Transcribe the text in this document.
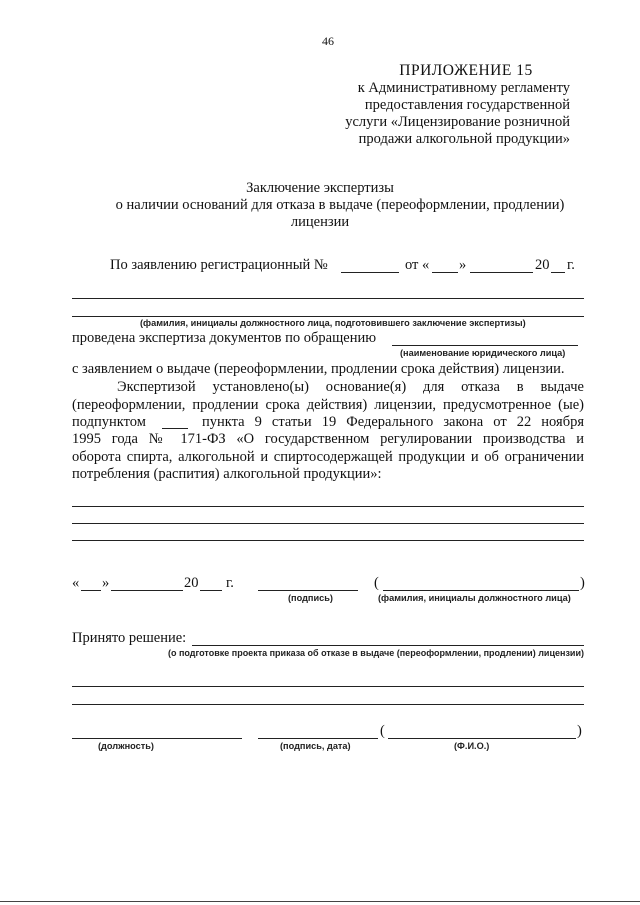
46
ПРИЛОЖЕНИЕ 15
к Административному регламенту
предоставления государственной
услуги «Лицензирование розничной
продажи алкогольной продукции»
Заключение экспертизы
о наличии оснований для отказа в выдаче (переоформлении, продлении)
лицензии
По заявлению регистрационный №	от « »	20 г.
(фамилия, инициалы должностного лица, подготовившего заключение экспертизы)
проведена экспертиза документов по обращению
(наименование юридического лица)
с заявлением о выдаче (переоформлении, продлении срока действия) лицензии.
Экспертизой установлено(ы) основание(я) для отказа в выдаче
(переоформлении, продлении срока действия) лицензии, предусмотренное (ые)
подпунктом	пункта 9 статьи 19 Федерального закона от 22 ноября
1995 года № 171-ФЗ «О государственном регулировании производства и
оборота спирта, алкогольной и спиртосодержащей продукции и об ограничении
потребления (распития) алкогольной продукции»:
« »	20 г.	(	)
(подпись)	(фамилия, инициалы должностного лица)
Принято решение:
(о подготовке проекта приказа об отказе в выдаче (переоформлении, продлении) лицензии)
(	)
(должность)	(подпись, дата)	(Ф.И.О.)
